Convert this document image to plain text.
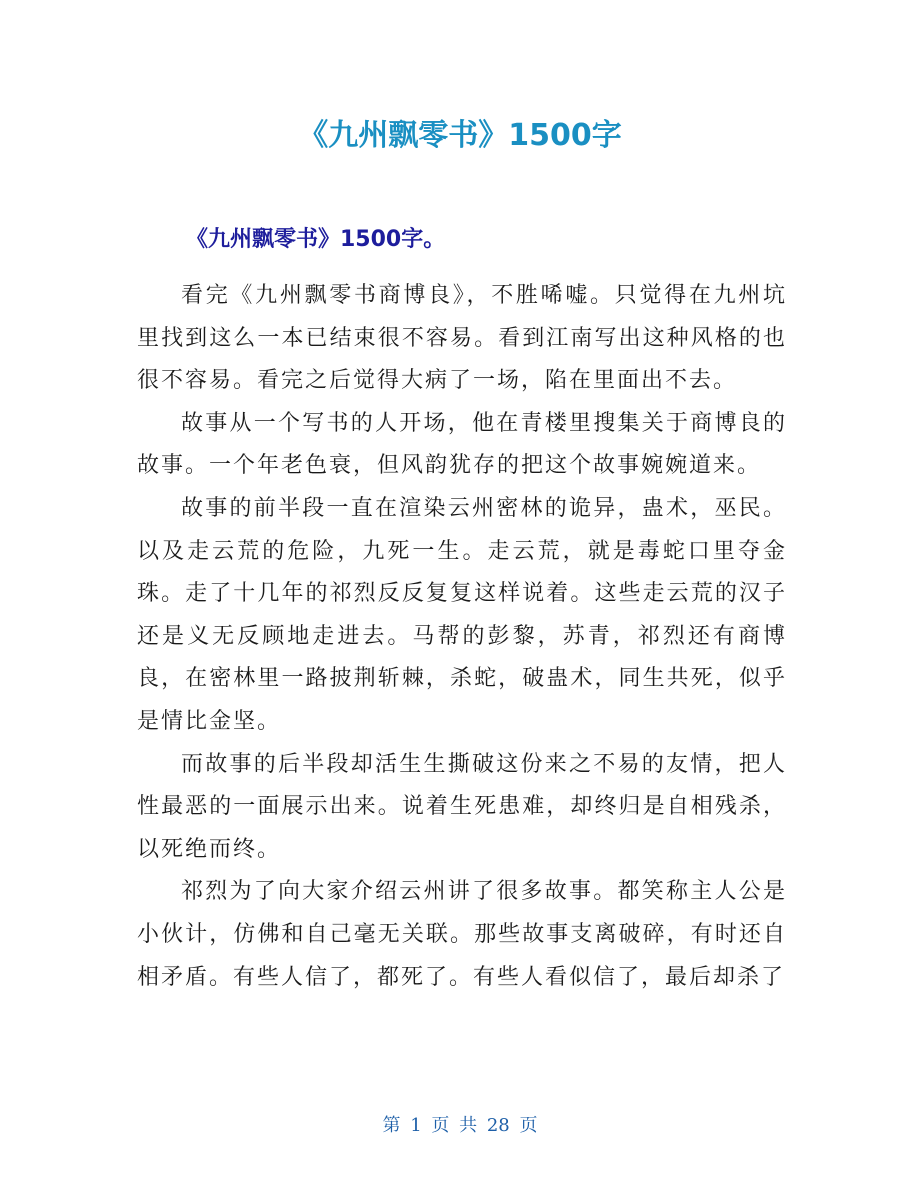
《九州飘零书》1500字
《九州飘零书》1500字。

看完《九州飘零书商博良》，不胜唏嘘。只觉得在九州坑里找到这么一本已结束很不容易。看到江南写出这种风格的也很不容易。看完之后觉得大病了一场，陷在里面出不去。

故事从一个写书的人开场，他在青楼里搜集关于商博良的故事。一个年老色衰，但风韵犹存的把这个故事婉婉道来。

故事的前半段一直在渲染云州密林的诡异，蛊术，巫民。以及走云荒的危险，九死一生。走云荒，就是毒蛇口里夺金珠。走了十几年的祁烈反反复复这样说着。这些走云荒的汉子还是义无反顾地走进去。马帮的彭黎，苏青，祁烈还有商博良，在密林里一路披荆斩棘，杀蛇，破蛊术，同生共死，似乎是情比金坚。

而故事的后半段却活生生撕破这份来之不易的友情，把人性最恶的一面展示出来。说着生死患难，却终归是自相残杀，以死绝而终。

祁烈为了向大家介绍云州讲了很多故事。都笑称主人公是小伙计，仿佛和自己毫无关联。那些故事支离破碎，有时还自相矛盾。有些人信了，都死了。有些人看似信了，最后却杀了

第 1 页 共 28 页
